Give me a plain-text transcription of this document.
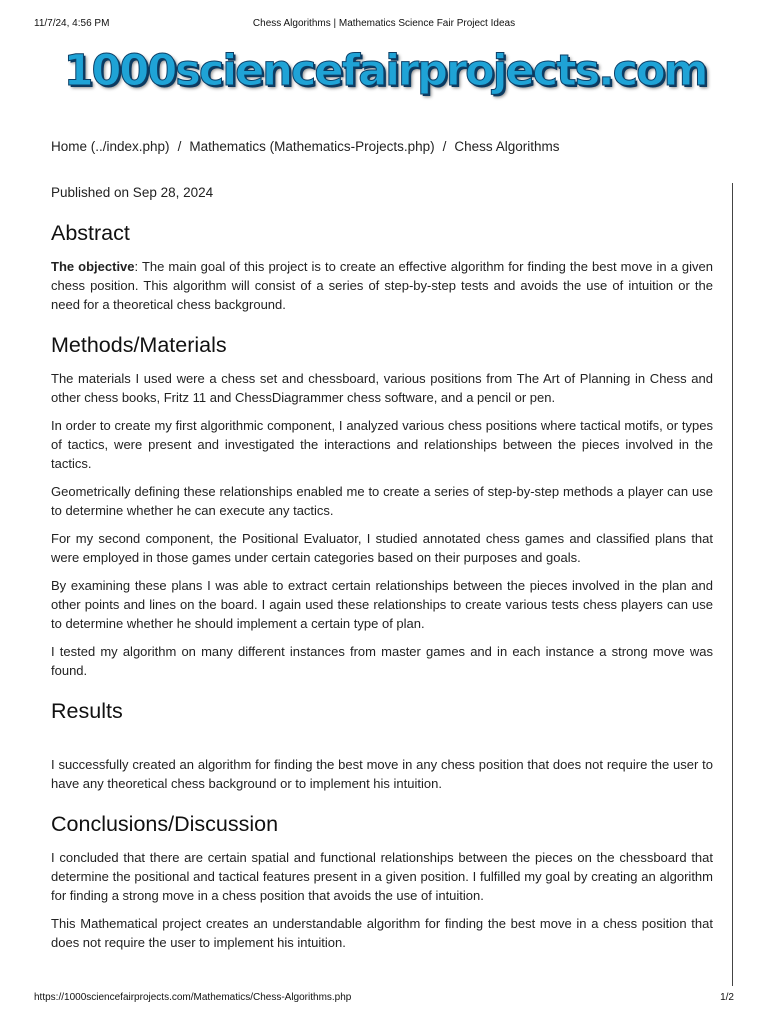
11/7/24, 4:56 PM	Chess Algorithms | Mathematics Science Fair Project Ideas
1000sciencefairprojects.com
Home (../index.php) / Mathematics (Mathematics-Projects.php) / Chess Algorithms
Published on Sep 28, 2024
Abstract

The objective: The main goal of this project is to create an effective algorithm for finding the best move in a given chess position. This algorithm will consist of a series of step-by-step tests and avoids the use of intuition or the need for a theoretical chess background.

Methods/Materials

The materials I used were a chess set and chessboard, various positions from The Art of Planning in Chess and other chess books, Fritz 11 and ChessDiagrammer chess software, and a pencil or pen.

In order to create my first algorithmic component, I analyzed various chess positions where tactical motifs, or types of tactics, were present and investigated the interactions and relationships between the pieces involved in the tactics.

Geometrically defining these relationships enabled me to create a series of step-by-step methods a player can use to determine whether he can execute any tactics.

For my second component, the Positional Evaluator, I studied annotated chess games and classified plans that were employed in those games under certain categories based on their purposes and goals.

By examining these plans I was able to extract certain relationships between the pieces involved in the plan and other points and lines on the board. I again used these relationships to create various tests chess players can use to determine whether he should implement a certain type of plan.

I tested my algorithm on many different instances from master games and in each instance a strong move was found.

Results

I successfully created an algorithm for finding the best move in any chess position that does not require the user to have any theoretical chess background or to implement his intuition.

Conclusions/Discussion

I concluded that there are certain spatial and functional relationships between the pieces on the chessboard that determine the positional and tactical features present in a given position. I fulfilled my goal by creating an algorithm for finding a strong move in a chess position that avoids the use of intuition.

This Mathematical project creates an understandable algorithm for finding the best move in a chess position that does not require the user to implement his intuition.

https://1000sciencefairprojects.com/Mathematics/Chess-Algorithms.php	1/2
